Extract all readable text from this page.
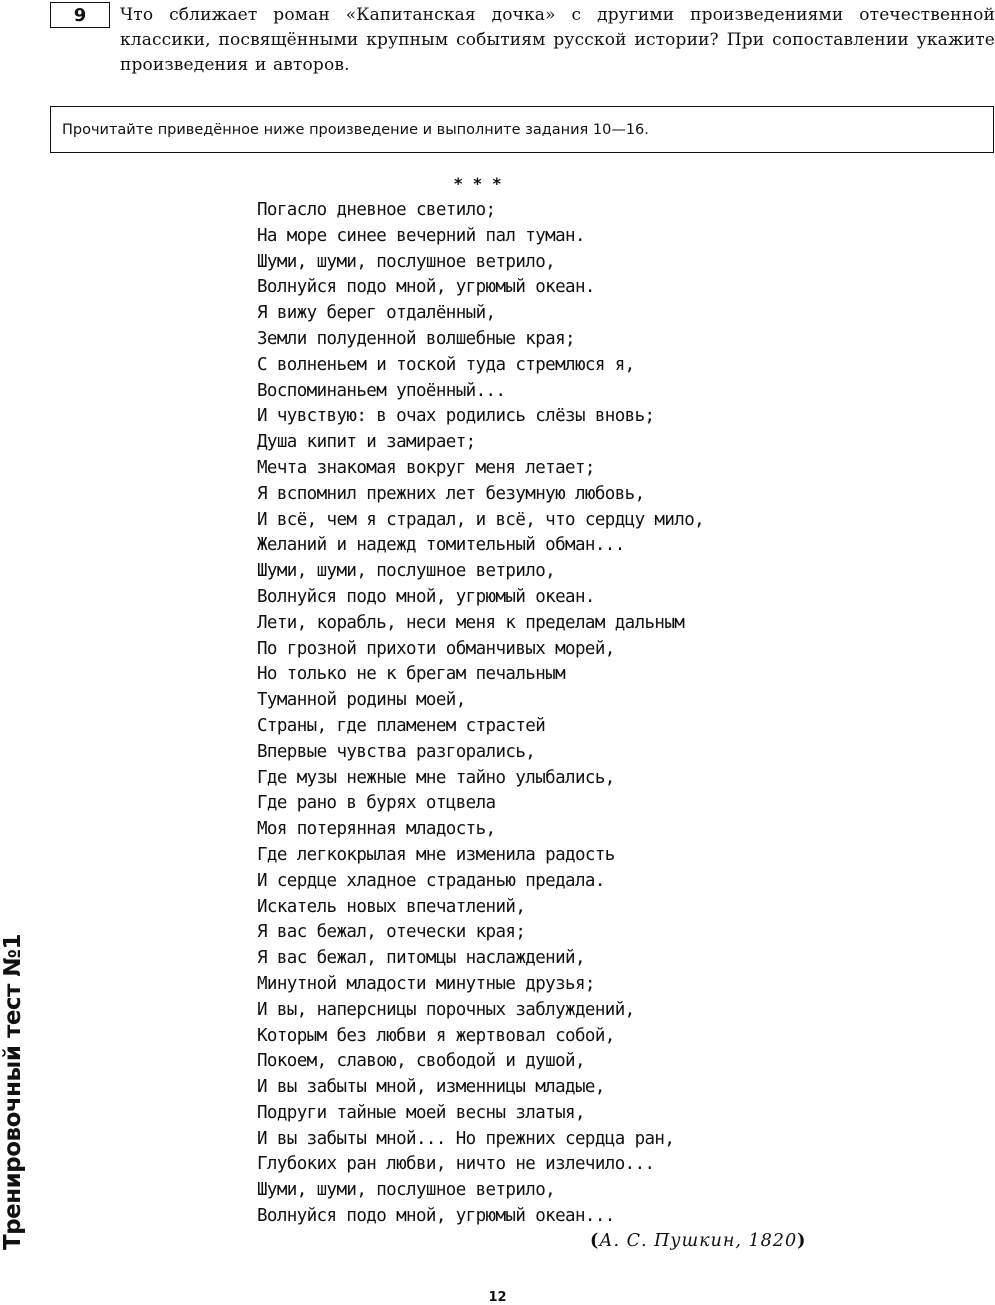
9	Что сближает роман «Капитанская дочка» с другими произведениями отечественной классики, посвящёнными крупным событиям русской истории? При сопоставлении укажите произведения и авторов.
Прочитайте приведённое ниже произведение и выполните задания 10—16.
* * *
Погасло дневное светило;
На море синее вечерний пал туман.
Шуми, шуми, послушное ветрило,
Волнуйся подо мной, угрюмый океан.
Я вижу берег отдалённый,
Земли полуденной волшебные края;
С волненьем и тоской туда стремлюся я,
Воспоминаньем упоённый...
И чувствую: в очах родились слёзы вновь;
Душа кипит и замирает;
Мечта знакомая вокруг меня летает;
Я вспомнил прежних лет безумную любовь,
И всё, чем я страдал, и всё, что сердцу мило,
Желаний и надежд томительный обман...
Шуми, шуми, послушное ветрило,
Волнуйся подо мной, угрюмый океан.
Лети, корабль, неси меня к пределам дальным
По грозной прихоти обманчивых морей,
Но только не к брегам печальным
Туманной родины моей,
Страны, где пламенем страстей
Впервые чувства разгорались,
Где музы нежные мне тайно улыбались,
Где рано в бурях отцвела
Моя потерянная младость,
Где легкокрылая мне изменила радость
И сердце хладное страданью предала.
Искатель новых впечатлений,
Я вас бежал, отечески края;
Я вас бежал, питомцы наслаждений,
Минутной младости минутные друзья;
И вы, наперсницы порочных заблуждений,
Которым без любви я жертвовал собой,
Покоем, славою, свободой и душой,
И вы забыты мной, изменницы младые,
Подруги тайные моей весны златыя,
И вы забыты мной... Но прежних сердца ран,
Глубоких ран любви, ничто не излечило...
Шуми, шуми, послушное ветрило,
Волнуйся подо мной, угрюмый океан...
(А. С. Пушкин, 1820)
Тренировочный тест №1
12
